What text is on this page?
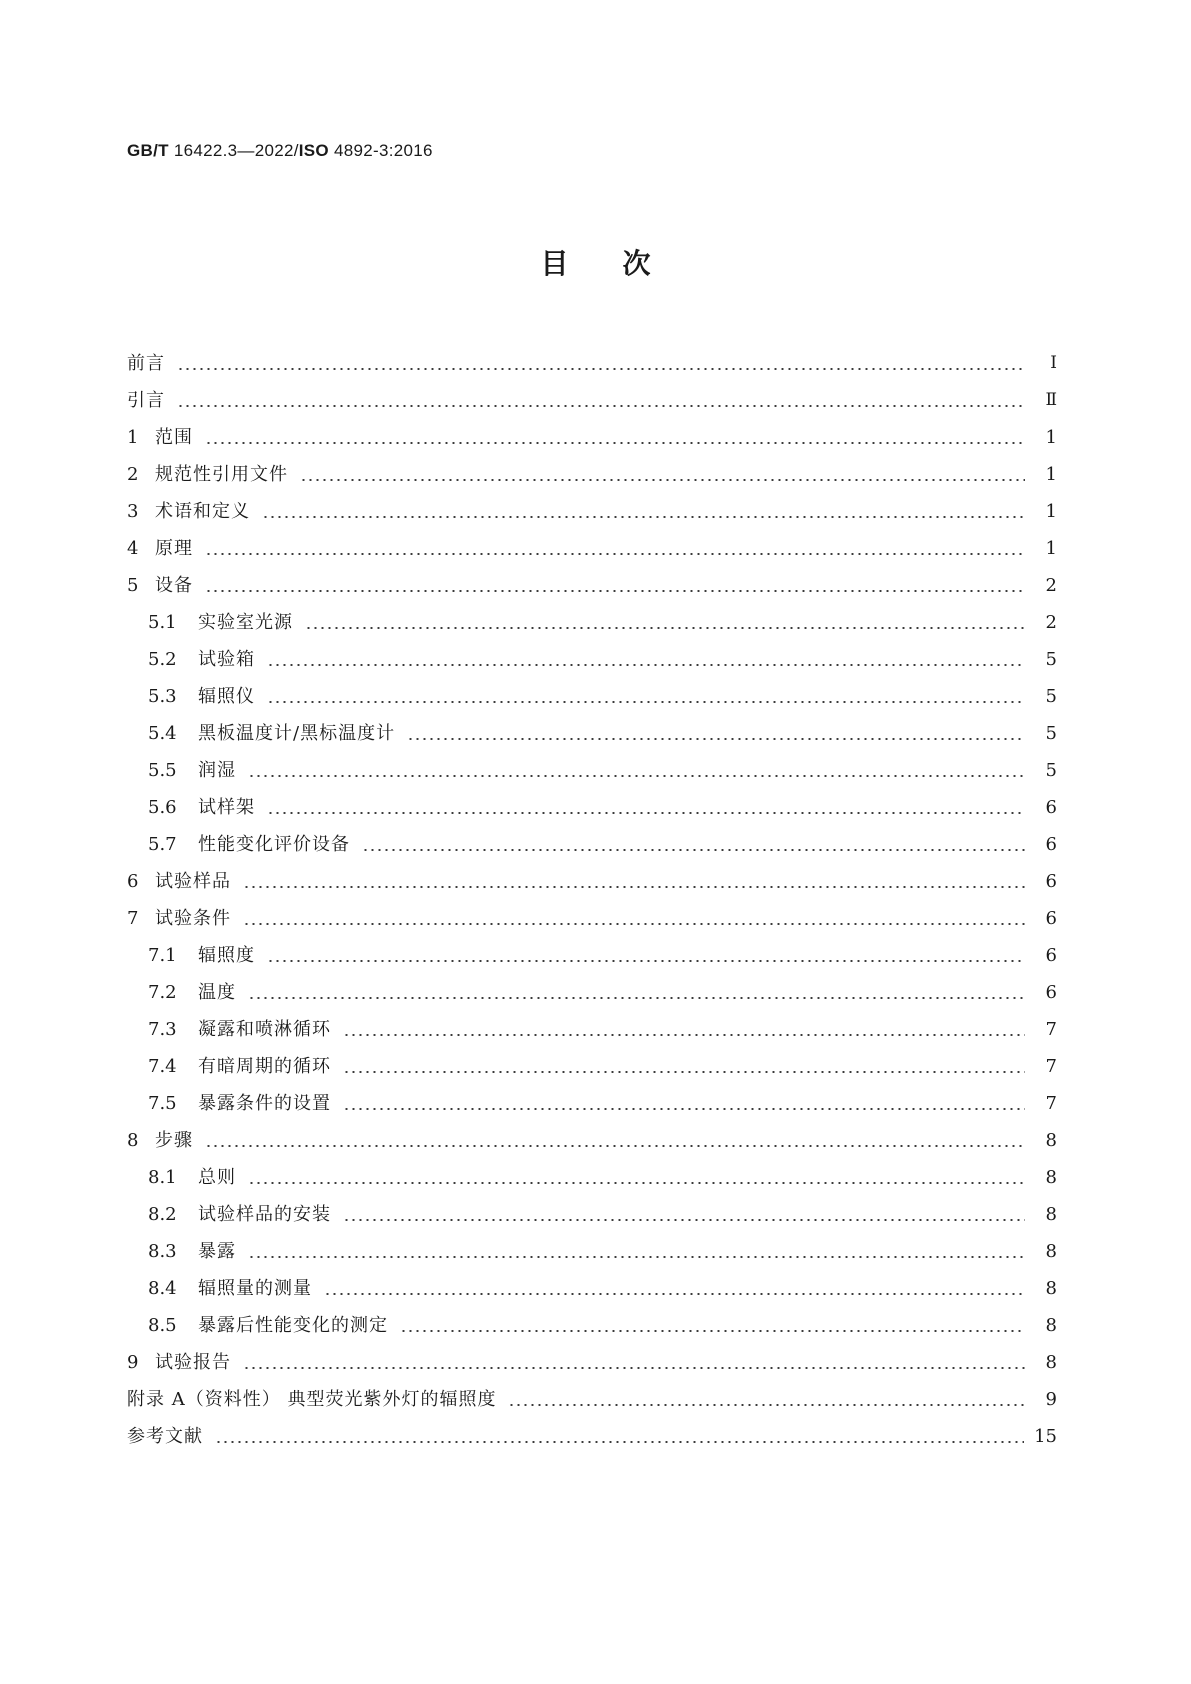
GB/T 16422.3—2022/ISO 4892-3:2016
目 次
前言	Ⅰ
引言	Ⅱ
1 范围	1
2 规范性引用文件	1
3 术语和定义	1
4 原理	1
5 设备	2
5.1	实验室光源	2
5.2	试验箱	5
5.3	辐照仪	5
5.4	黑板温度计/黑标温度计	5
5.5	润湿	5
5.6	试样架	6
5.7	性能变化评价设备	6
6 试验样品	6
7 试验条件	6
7.1	辐照度	6
7.2	温度	6
7.3	凝露和喷淋循环	7
7.4	有暗周期的循环	7
7.5	暴露条件的设置	7
8 步骤	8
8.1	总则	8
8.2	试验样品的安装	8
8.3	暴露	8
8.4	辐照量的测量	8
8.5	暴露后性能变化的测定	8
9 试验报告	8
附录 A（资料性） 典型荧光紫外灯的辐照度	9
参考文献	15
